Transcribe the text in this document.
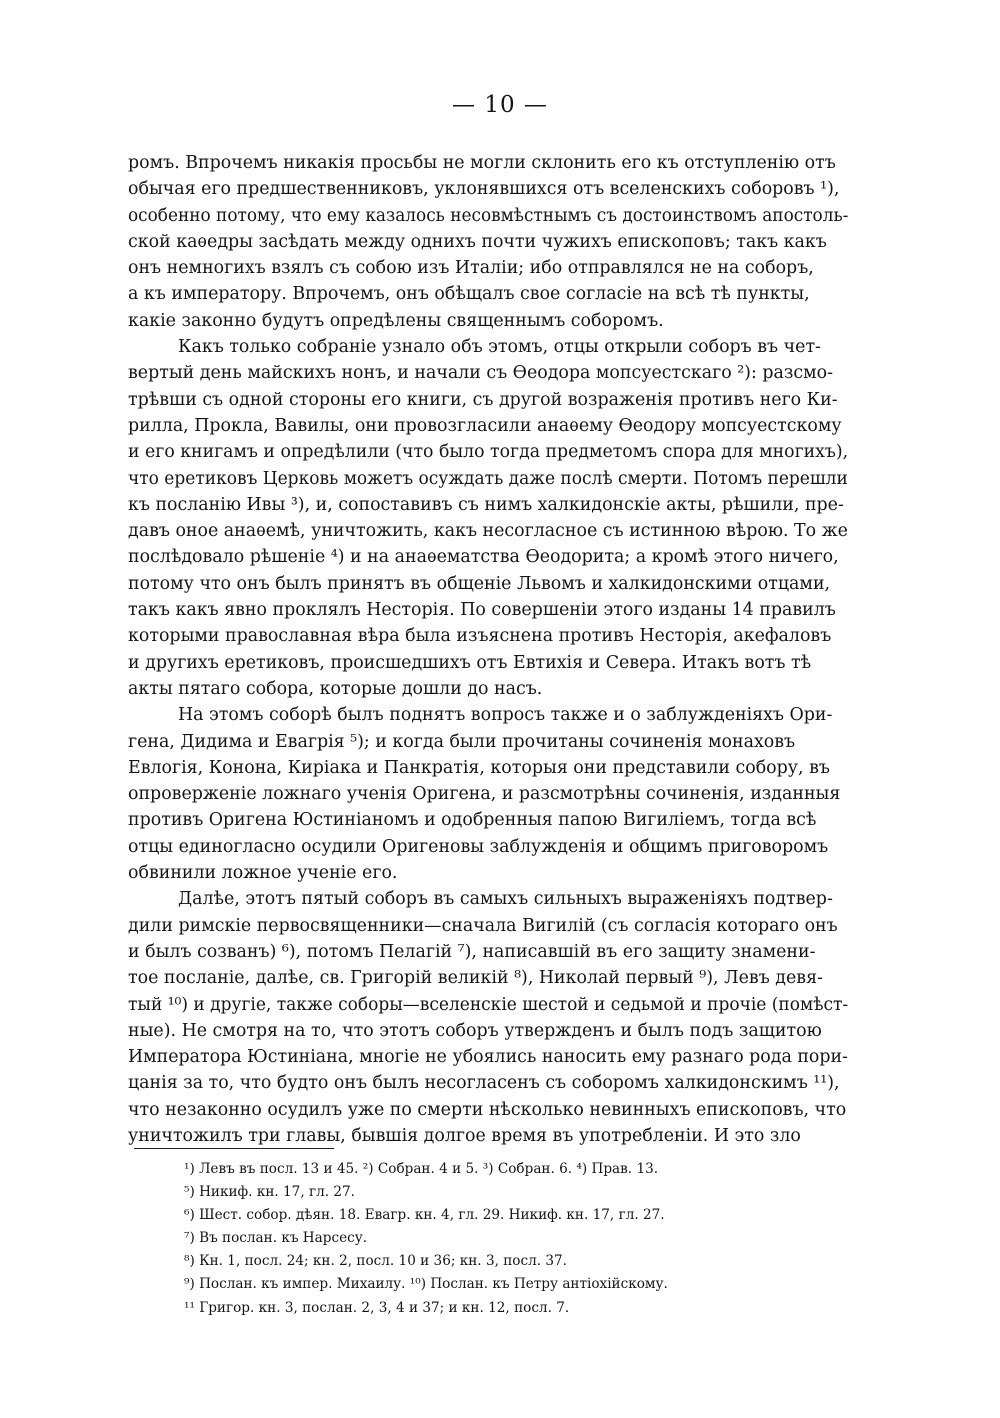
— 10 —
ромъ. Впрочемъ никакія просьбы не могли склонить его къ отступленію отъ
обычая его предшественниковъ, уклонявшихся отъ вселенскихъ соборовъ ¹),
особенно потому, что ему казалось несовмѣстнымъ съ достоинствомъ апостоль-
ской каѳедры засѣдать между однихъ почти чужихъ епископовъ; такъ какъ
онъ немногихъ взялъ съ собою изъ Италіи; ибо отправлялся не на соборъ,
а къ императору. Впрочемъ, онъ обѣщалъ свое согласіе на всѣ тѣ пункты,
какіе законно будутъ опредѣлены священнымъ соборомъ.
Какъ только собраніе узнало объ этомъ, отцы открыли соборъ въ чет-
вертый день майскихъ нонъ, и начали съ Ѳеодора мопсуестскаго ²): разсмо-
трѣвши съ одной стороны его книги, съ другой возраженія противъ него Ки-
рилла, Прокла, Вавилы, они провозгласили анаѳему Ѳеодору мопсуестскому
и его книгамъ и опредѣлили (что было тогда предметомъ спора для многихъ),
что еретиковъ Церковь можетъ осуждать даже послѣ смерти. Потомъ перешли
къ посланію Ивы ³), и, сопоставивъ съ нимъ халкидонскіе акты, рѣшили, пре-
давъ оное анаѳемѣ, уничтожить, какъ несогласное съ истинною вѣрою. То же
послѣдовало рѣшеніе ⁴) и на анаѳематства Ѳеодорита; а кромѣ этого ничего,
потому что онъ былъ принятъ въ общеніе Львомъ и халкидонскими отцами,
такъ какъ явно проклялъ Несторія. По совершеніи этого изданы 14 правилъ
которыми православная вѣра была изъяснена противъ Несторія, акефаловъ
и другихъ еретиковъ, происшедшихъ отъ Евтихія и Севера. Итакъ вотъ тѣ
акты пятаго собора, которые дошли до насъ.
На этомъ соборѣ былъ поднятъ вопросъ также и о заблужденіяхъ Ори-
гена, Дидима и Евагрія ⁵); и когда были прочитаны сочиненія монаховъ
Евлогія, Конона, Киріака и Панкратія, которыя они представили собору, въ
опроверженіе ложнаго ученія Оригена, и разсмотрѣны сочиненія, изданныя
противъ Оригена Юстиніаномъ и одобренныя папою Вигиліемъ, тогда всѣ
отцы единогласно осудили Оригеновы заблужденія и общимъ приговоромъ
обвинили ложное ученіе его.
Далѣе, этотъ пятый соборъ въ самыхъ сильныхъ выраженіяхъ подтвер-
дили римскіе первосвященники—сначала Вигилій (съ согласія котораго онъ
и былъ созванъ) ⁶), потомъ Пелагій ⁷), написавшій въ его защиту знамени-
тое посланіе, далѣе, св. Григорій великій ⁸), Николай первый ⁹), Левъ девя-
тый ¹⁰) и другіе, также соборы—вселенскіе шестой и седьмой и прочіе (помѣст-
ные). Не смотря на то, что этотъ соборъ утвержденъ и былъ подъ защитою
Императора Юстиніана, многіе не убоялись наносить ему разнаго рода пори-
цанія за то, что будто онъ былъ несогласенъ съ соборомъ халкидонскимъ ¹¹),
что незаконно осудилъ уже по смерти нѣсколько невинныхъ епископовъ, что
уничтожилъ три главы, бывшія долгое время въ употребленіи. И это зло
¹) Левъ въ посл. 13 и 45. ²) Собран. 4 и 5. ³) Собран. 6. ⁴) Прав. 13.
⁵) Никиф. кн. 17, гл. 27.
⁶) Шест. собор. дѣян. 18. Евагр. кн. 4, гл. 29. Никиф. кн. 17, гл. 27.
⁷) Въ послан. къ Нарсесу.
⁸) Кн. 1, посл. 24; кн. 2, посл. 10 и 36; кн. 3, посл. 37.
⁹) Послан. къ импер. Михаилу. ¹⁰) Послан. къ Петру антіохійскому.
¹¹ Григор. кн. 3, послан. 2, 3, 4 и 37; и кн. 12, посл. 7.
